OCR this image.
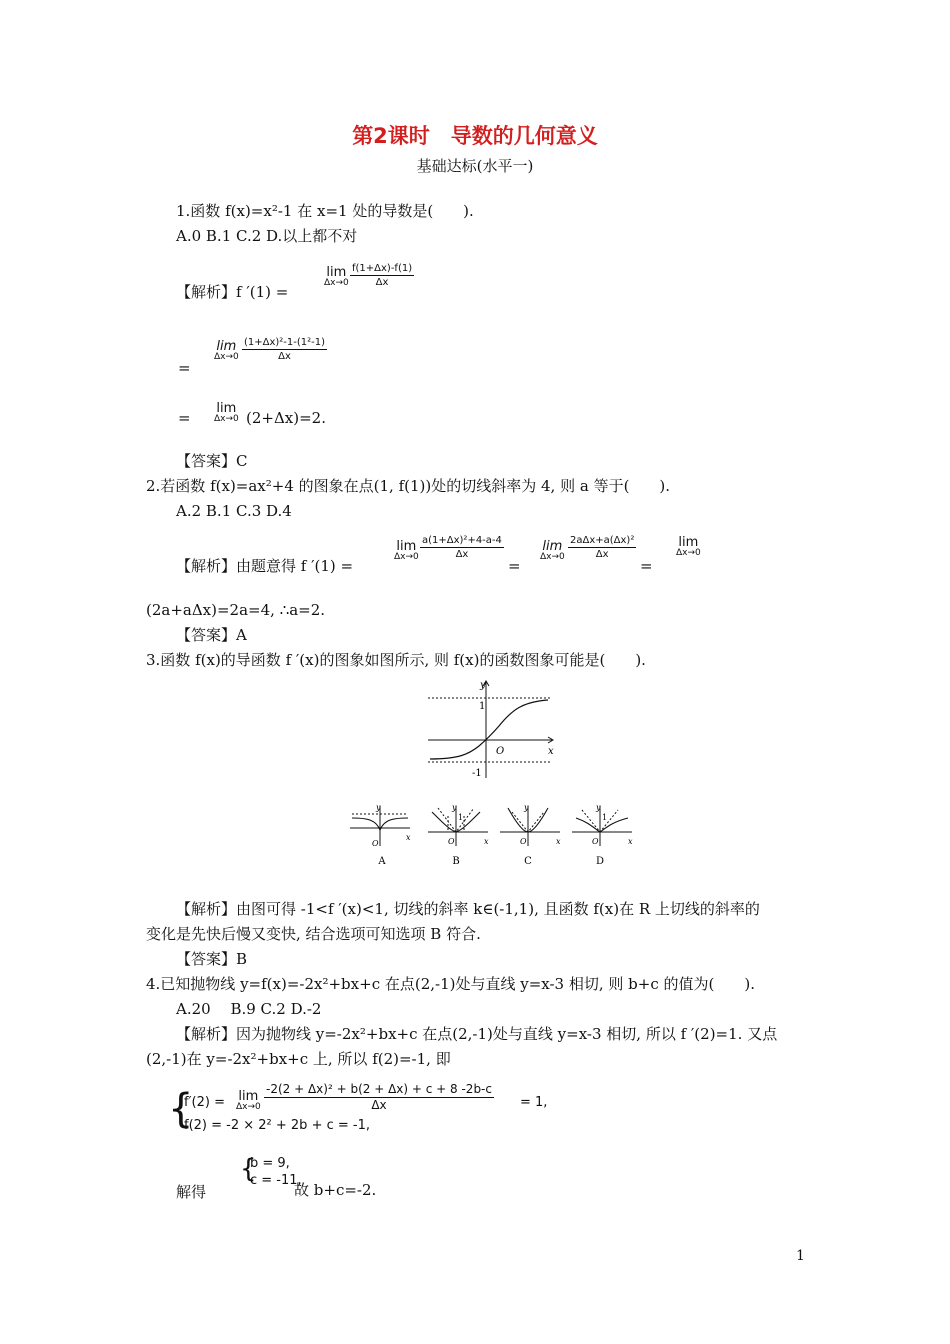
第2课时　导数的几何意义
基础达标(水平一)
1.函数 f(x)=x²-1 在 x=1 处的导数是(　　).
A.0 B.1 C.2 D.以上都不对
【解析】f ′(1) =
lim
$\Delta x\to 0 \frac{f(1+\Delta x)-f(1)}{\Delta x}$
lim
$\Delta x\to 0 \frac{\text{(1+Δx)²-1-(1²-1)}}{\Delta x}$
=
=
lim
Δx→0 (2+Δx)=2.
【答案】C
2.若函数 f(x)=ax²+4 的图象在点(1, f(1))处的切线斜率为 4, 则 a 等于(　　).
A.2 B.1 C.3 D.4
【解析】由题意得 f ′(1) =
lim
$\Delta x\to 0 \frac{\text{a(1+Δx)²+4-a-4}}{\Delta x}$
=
lim
Δx→0
2aΔx+a(Δx)²
Δx
=
lim
Δx→0
(2a+aΔx)=2a=4, ∴a=2.
【答案】A
3.函数 f(x)的导函数 f ′(x)的图象如图所示, 则 f(x)的函数图象可能是(　　).
y
x
1
-1
O
y
x
O
A
y
1
x
O
B
y
x
O
C
y
1
x
O
D
【解析】由图可得 -1<f ′(x)<1, 切线的斜率 k∈(-1,1), 且函数 f(x)在 R 上切线的斜率的
变化是先快后慢又变快, 结合选项可知选项 B 符合.
【答案】B
4.已知抛物线 y=f(x)=-2x²+bx+c 在点(2,-1)处与直线 y=x-3 相切, 则 b+c 的值为(　　).
A.20　 B.9 C.2 D.-2
【解析】因为抛物线 y=-2x²+bx+c 在点(2,-1)处与直线 y=x-3 相切, 所以 f ′(2)=1. 又点
(2,-1)在 y=-2x²+bx+c 上, 所以 f(2)=-1, 即
{
f′(2) = lim
$\Delta x\to 0 \frac{\text{-2(2 + Δx)² + b(2 + Δx) + c + 8 -2b-c}}{\Delta x} = 1$,
f(2) = -2 × 2² + 2b + c = -1,
解得
{
b = 9,
c = -11,
故 b+c=-2.
1
